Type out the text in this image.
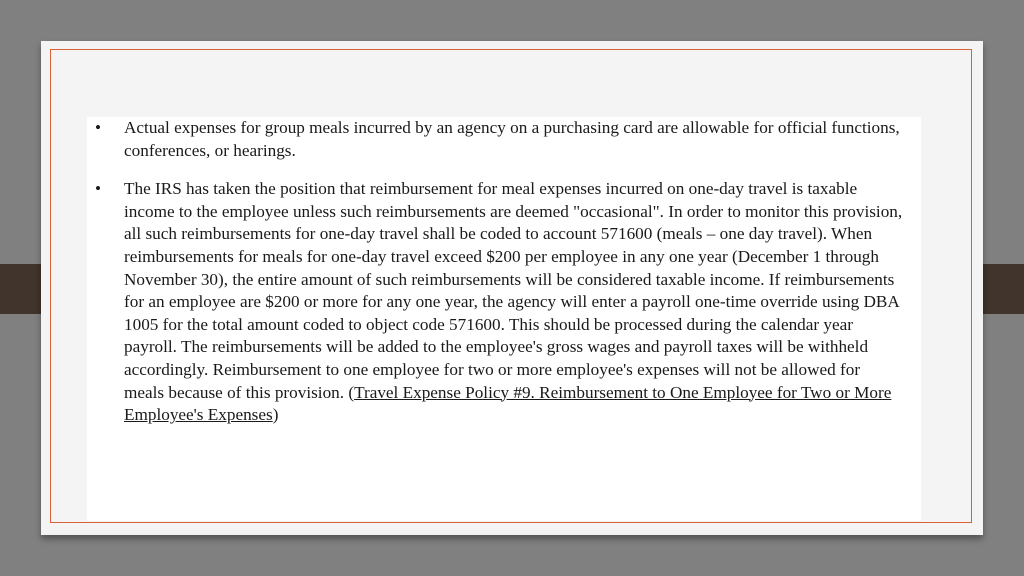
• Actual expenses for group meals incurred by an agency on a purchasing card are allowable for official functions, conferences, or hearings.
• The IRS has taken the position that reimbursement for meal expenses incurred on one-day travel is taxable income to the employee unless such reimbursements are deemed "occasional". In order to monitor this provision, all such reimbursements for one-day travel shall be coded to account 571600 (meals – one day travel). When reimbursements for meals for one-day travel exceed $200 per employee in any one year (December 1 through November 30), the entire amount of such reimbursements will be considered taxable income. If reimbursements for an employee are $200 or more for any one year, the agency will enter a payroll one-time override using DBA 1005 for the total amount coded to object code 571600. This should be processed during the calendar year payroll. The reimbursements will be added to the employee's gross wages and payroll taxes will be withheld accordingly. Reimbursement to one employee for two or more employee's expenses will not be allowed for meals because of this provision. (Travel Expense Policy #9. Reimbursement to One Employee for Two or More Employee's Expenses)
